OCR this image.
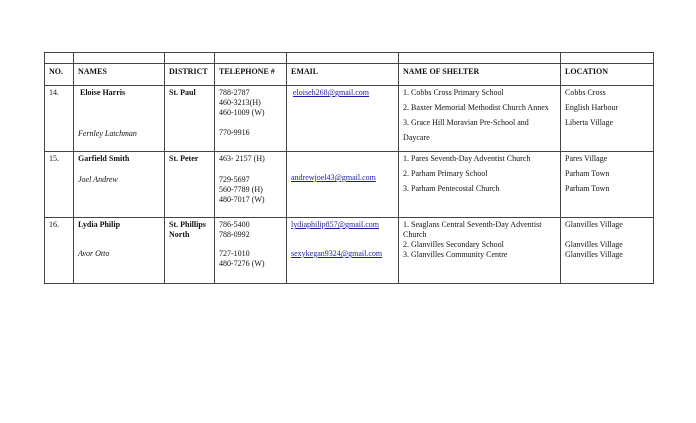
NO.	NAMES	DISTRICT	TELEPHONE #	EMAIL	NAME OF SHELTER	LOCATION
14.	Eloise Harris
Fernley Latchman	St. Paul	788-2787
460-3213(H)
460-1009 (W)
770-9916	eloiseh268@gmail.com	1. Cobbs Cross Primary School
2. Baxter Memorial Methodist Church Annex
3. Grace Hill Moravian Pre-School and
Daycare	Cobbs Cross
English Harbour
Liberta Village

15.	Garfield Smith
Joel Andrew	St. Peter	463- 2157 (H)
729-5697
560-7789 (H)
480-7017 (W)	andrewjoel43@gmail.com	1. Pares Seventh-Day Adventist Church
2. Parham Primary School
3. Parham Pentecostal Church	Pares Village
Parham Town
Parham Town

16.	Lydia Philip
Avor Otto	St. Phillips North	786-5400
788-0992
727-1010
480-7276 (W)	lydiaphilip857@gmail.com
sexykegan9324@gmail.com	1. Seaglans Central Seventh-Day Adventist Church
2. Glanvilles Secondary School
3. Glanvilles Community Centre	Glanvilles Village
Glanvilles Village
Glanvilles Village
